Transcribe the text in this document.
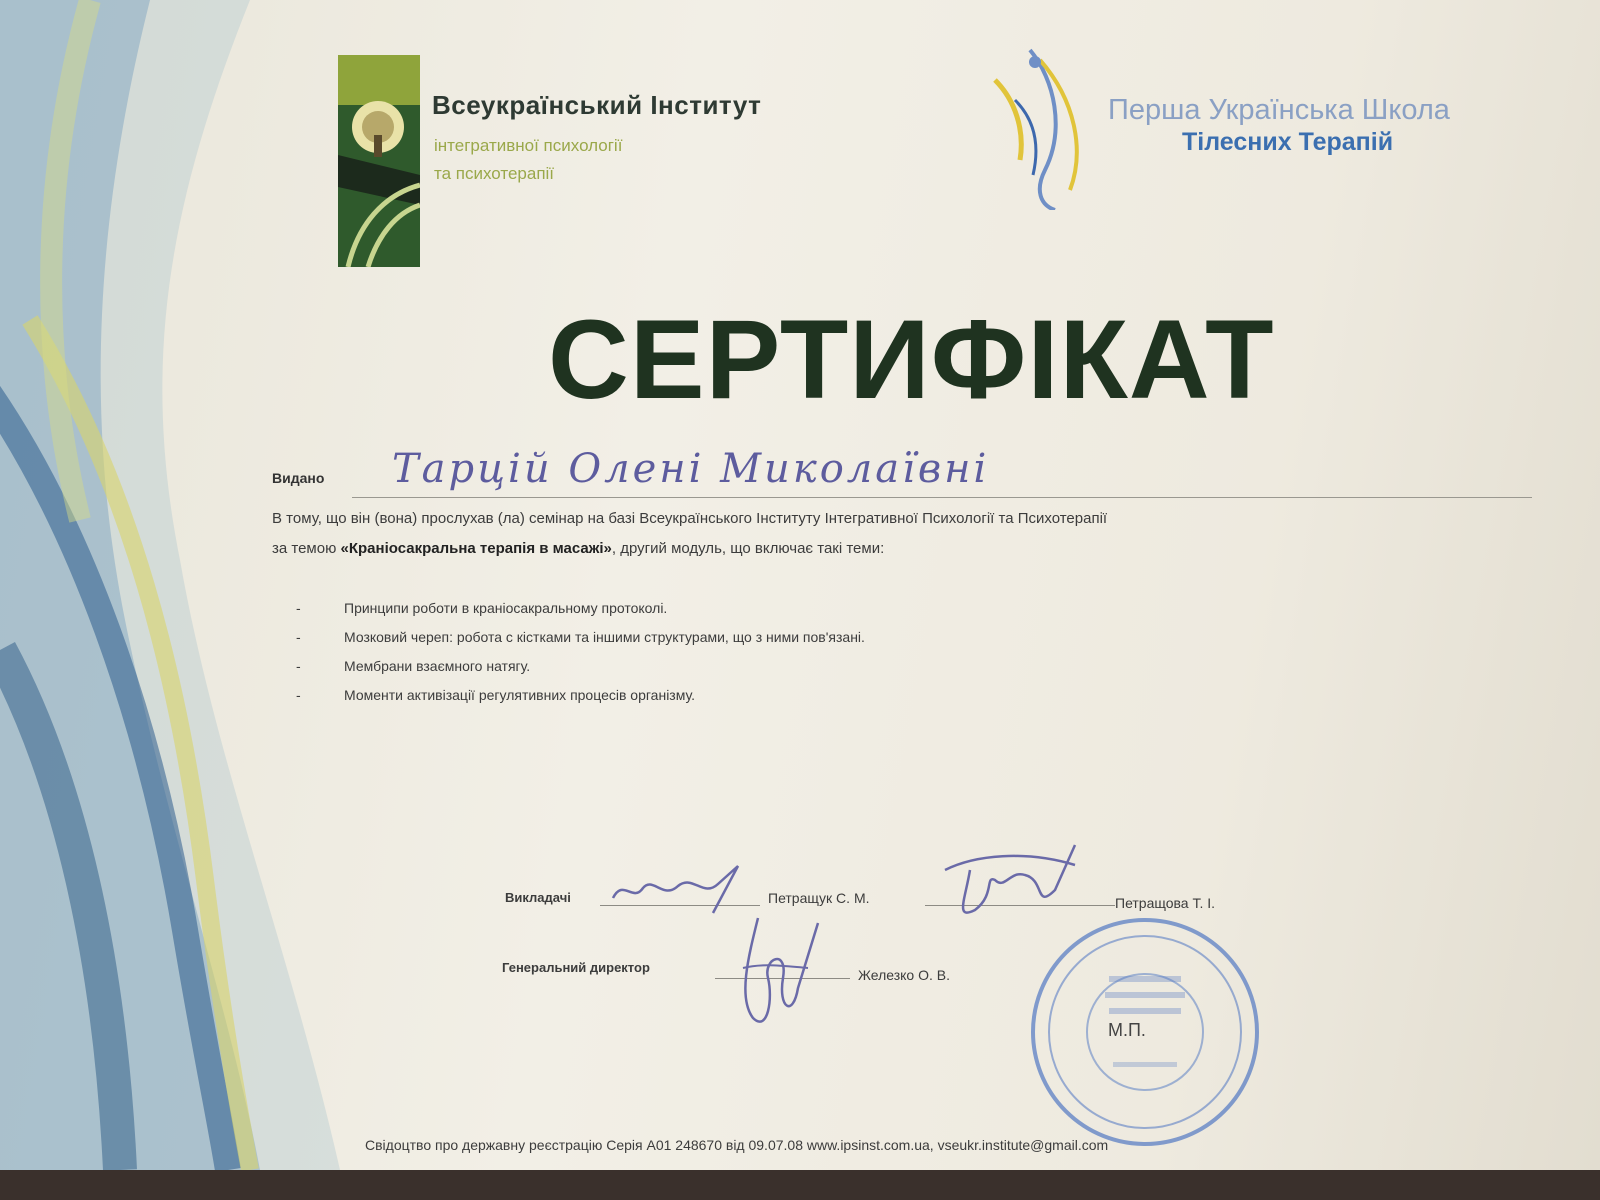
Всеукраїнський Інститут
інтегративної психології
та психотерапії
Перша Українська Школа
Тілесних Терапій
СЕРТИФІКАТ
Видано Тарцій Олені Миколаївні
В тому, що він (вона) прослухав (ла) семінар на базі Всеукраїнського Інституту Інтегративної Психології та Психотерапії
за темою «Краніосакральна терапія в масажі», другий модуль, що включає такі теми:
-	Принципи роботи в краніосакральному протоколі.
-	Мозковий череп: робота с кістками та іншими структурами, що з ними пов'язані.
-	Мембрани взаємного натягу.
-	Моменти активізації регулятивних процесів організму.
Викладачі	Петращук С. М.	Петращова Т. І.
Генеральний директор	Железко О. В.
М.П.
Свідоцтво про державну реєстрацію Серія А01 248670 від 09.07.08 www.ipsinst.com.ua, vseukr.institute@gmail.com
